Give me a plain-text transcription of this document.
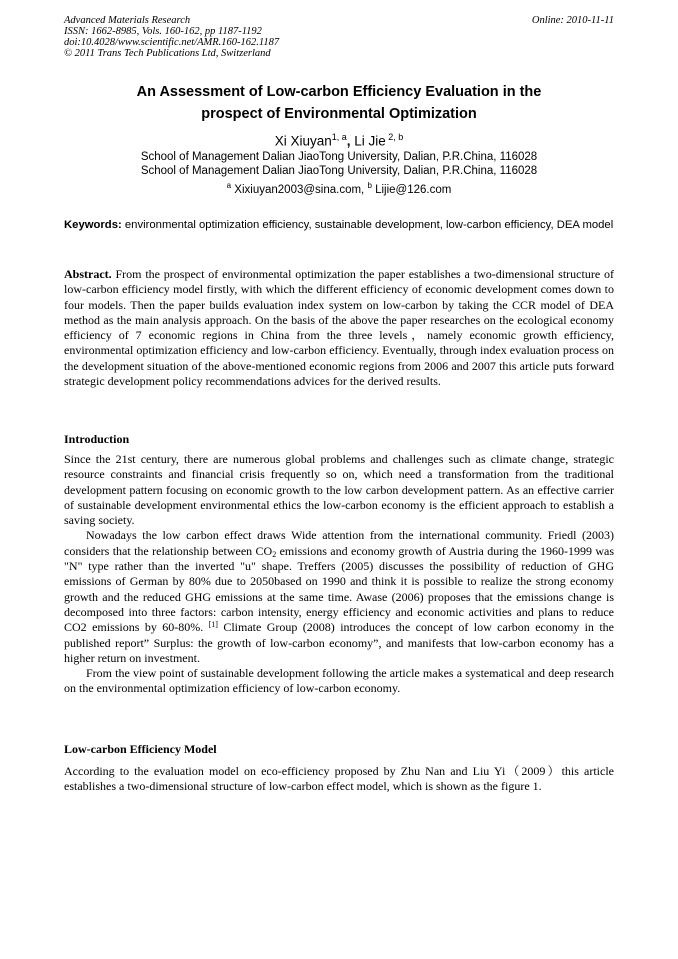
Advanced Materials Research
ISSN: 1662-8985, Vols. 160-162, pp 1187-1192
doi:10.4028/www.scientific.net/AMR.160-162.1187
© 2011 Trans Tech Publications Ltd, Switzerland
Online: 2010-11-11
An Assessment of Low-carbon Efficiency Evaluation in the
prospect of Environmental Optimization
Xi Xiuyan$^{1, a}$, Li Jie $^{2, b}$
School of Management Dalian JiaoTong University, Dalian, P.R.China, 116028
School of Management Dalian JiaoTong University, Dalian, P.R.China, 116028
$^a$ Xixiuyan2003@sina.com, $^b$ Lijie@126.com
Keywords: environmental optimization efficiency, sustainable development, low-carbon efficiency, DEA model

Abstract. From the prospect of environmental optimization the paper establishes a two-dimensional structure of low-carbon efficiency model firstly, with which the different efficiency of economic development comes down to four models. Then the paper builds evaluation index system on low-carbon by taking the CCR model of DEA method as the main analysis approach. On the basis of the above the paper researches on the ecological economy efficiency of 7 economic regions in China from the three levels，namely economic growth efficiency, environmental optimization efficiency and low-carbon efficiency. Eventually, through index evaluation process on the development situation of the above-mentioned economic regions from 2006 and 2007 this article puts forward strategic development policy recommendations advices for the derived results.

Introduction

Since the 21st century, there are numerous global problems and challenges such as climate change, strategic resource constraints and financial crisis frequently so on, which need a transformation from the traditional development pattern focusing on economic growth to the low carbon development pattern. As an effective carrier of sustainable development environmental ethics the low-carbon economy is the efficient approach to establish a saving society.

Nowadays the low carbon effect draws Wide attention from the international community. Friedl (2003) considers that the relationship between $CO_2$ emissions and economy growth of Austria during the 1960-1999 was "N" type rather than the inverted "u" shape. Treffers (2005) discusses the possibility of reduction of GHG emissions of German by 80% due to 2050based on 1990 and think it is possible to realize the strong economy growth and the reduced GHG emissions at the same time. Awase (2006) proposes that the emissions change is decomposed into three factors: carbon intensity, energy efficiency and economic activities and plans to reduce CO2 emissions by 60-80%. [1] Climate Group (2008) introduces the concept of low carbon economy in the published report” Surplus: the growth of low-carbon economy”, and manifests that low-carbon economy has a higher return on investment.

From the view point of sustainable development following the article makes a systematical and deep research on the environmental optimization efficiency of low-carbon economy.

Low-carbon Efficiency Model

According to the evaluation model on eco-efficiency proposed by Zhu Nan and Liu Yi（2009）this article establishes a two-dimensional structure of low-carbon effect model, which is shown as the figure 1.
